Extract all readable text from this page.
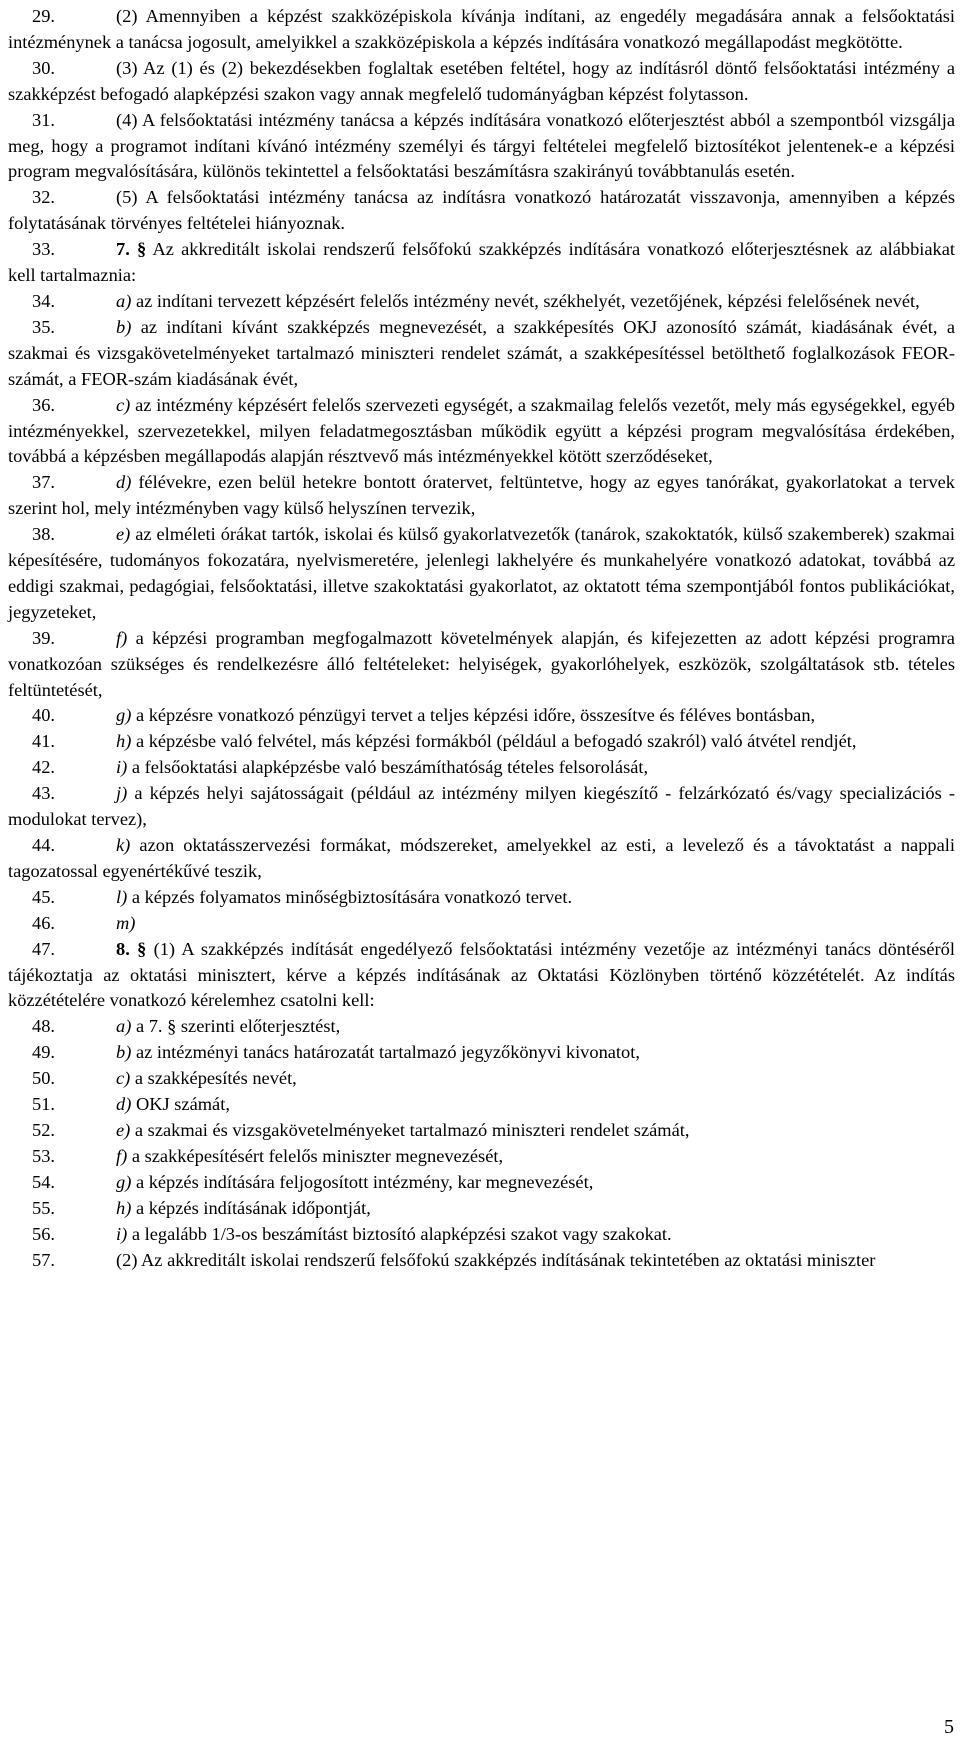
29.	(2) Amennyiben a képzést szakközépiskola kívánja indítani, az engedély megadására annak a felsőoktatási intézménynek a tanácsa jogosult, amelyikkel a szakközépiskola a képzés indítására vonatkozó megállapodást megkötötte.

30.	(3) Az (1) és (2) bekezdésekben foglaltak esetében feltétel, hogy az indításról döntő felsőoktatási intézmény a szakképzést befogadó alapképzési szakon vagy annak megfelelő tudományágban képzést folytasson.

31.	(4) A felsőoktatási intézmény tanácsa a képzés indítására vonatkozó előterjesztést abból a szempontból vizsgálja meg, hogy a programot indítani kívánó intézmény személyi és tárgyi feltételei megfelelő biztosítékot jelentenek-e a képzési program megvalósítására, különös tekintettel a felsőoktatási beszámításra szakirányú továbbtanulás esetén.

32.	(5) A felsőoktatási intézmény tanácsa az indításra vonatkozó határozatát visszavonja, amennyiben a képzés folytatásának törvényes feltételei hiányoznak.

33.	7. § Az akkreditált iskolai rendszerű felsőfokú szakképzés indítására vonatkozó előterjesztésnek az alábbiakat kell tartalmaznia:

34.	a) az indítani tervezett képzésért felelős intézmény nevét, székhelyét, vezetőjének, képzési felelősének nevét,

35.	b) az indítani kívánt szakképzés megnevezését, a szakképesítés OKJ azonosító számát, kiadásának évét, a szakmai és vizsgakövetelményeket tartalmazó miniszteri rendelet számát, a szakképesítéssel betölthető foglalkozások FEOR-számát, a FEOR-szám kiadásának évét,

36.	c) az intézmény képzésért felelős szervezeti egységét, a szakmailag felelős vezetőt, mely más egységekkel, egyéb intézményekkel, szervezetekkel, milyen feladatmegosztásban működik együtt a képzési program megvalósítása érdekében, továbbá a képzésben megállapodás alapján résztvevő más intézményekkel kötött szerződéseket,

37.	d) félévekre, ezen belül hetekre bontott óratervet, feltüntetve, hogy az egyes tanórákat, gyakorlatokat a tervek szerint hol, mely intézményben vagy külső helyszínen tervezik,

38.	e) az elméleti órákat tartók, iskolai és külső gyakorlatvezetők (tanárok, szakoktatók, külső szakemberek) szakmai képesítésére, tudományos fokozatára, nyelvismeretére, jelenlegi lakhelyére és munkahelyére vonatkozó adatokat, továbbá az eddigi szakmai, pedagógiai, felsőoktatási, illetve szakoktatási gyakorlatot, az oktatott téma szempontjából fontos publikációkat, jegyzeteket,

39.	f) a képzési programban megfogalmazott követelmények alapján, és kifejezetten az adott képzési programra vonatkozóan szükséges és rendelkezésre álló feltételeket: helyiségek, gyakorlóhelyek, eszközök, szolgáltatások stb. tételes feltüntetését,

40.	g) a képzésre vonatkozó pénzügyi tervet a teljes képzési időre, összesítve és féléves bontásban,

41.	h) a képzésbe való felvétel, más képzési formákból (például a befogadó szakról) való átvétel rendjét,

42.	i) a felsőoktatási alapképzésbe való beszámíthatóság tételes felsorolását,

43.	j) a képzés helyi sajátosságait (például az intézmény milyen kiegészítő - felzárkózató és/vagy specializációs - modulokat tervez),

44.	k) azon oktatásszervezési formákat, módszereket, amelyekkel az esti, a levelező és a távoktatást a nappali tagozatossal egyenértékűvé teszik,

45.	l) a képzés folyamatos minőségbiztosítására vonatkozó tervet.

46.	m)

47.	8. § (1) A szakképzés indítását engedélyező felsőoktatási intézmény vezetője az intézményi tanács döntéséről tájékoztatja az oktatási minisztert, kérve a képzés indításának az Oktatási Közlönyben történő közzétételét. Az indítás közzétételére vonatkozó kérelemhez csatolni kell:

48.	a) a 7. § szerinti előterjesztést,

49.	b) az intézményi tanács határozatát tartalmazó jegyzőkönyvi kivonatot,

50.	c) a szakképesítés nevét,

51.	d) OKJ számát,

52.	e) a szakmai és vizsgakövetelményeket tartalmazó miniszteri rendelet számát,

53.	f) a szakképesítésért felelős miniszter megnevezését,

54.	g) a képzés indítására feljogosított intézmény, kar megnevezését,

55.	h) a képzés indításának időpontját,

56.	i) a legalább 1/3-os beszámítást biztosító alapképzési szakot vagy szakokat.

57.	(2) Az akkreditált iskolai rendszerű felsőfokú szakképzés indításának tekintetében az oktatási miniszter

5
